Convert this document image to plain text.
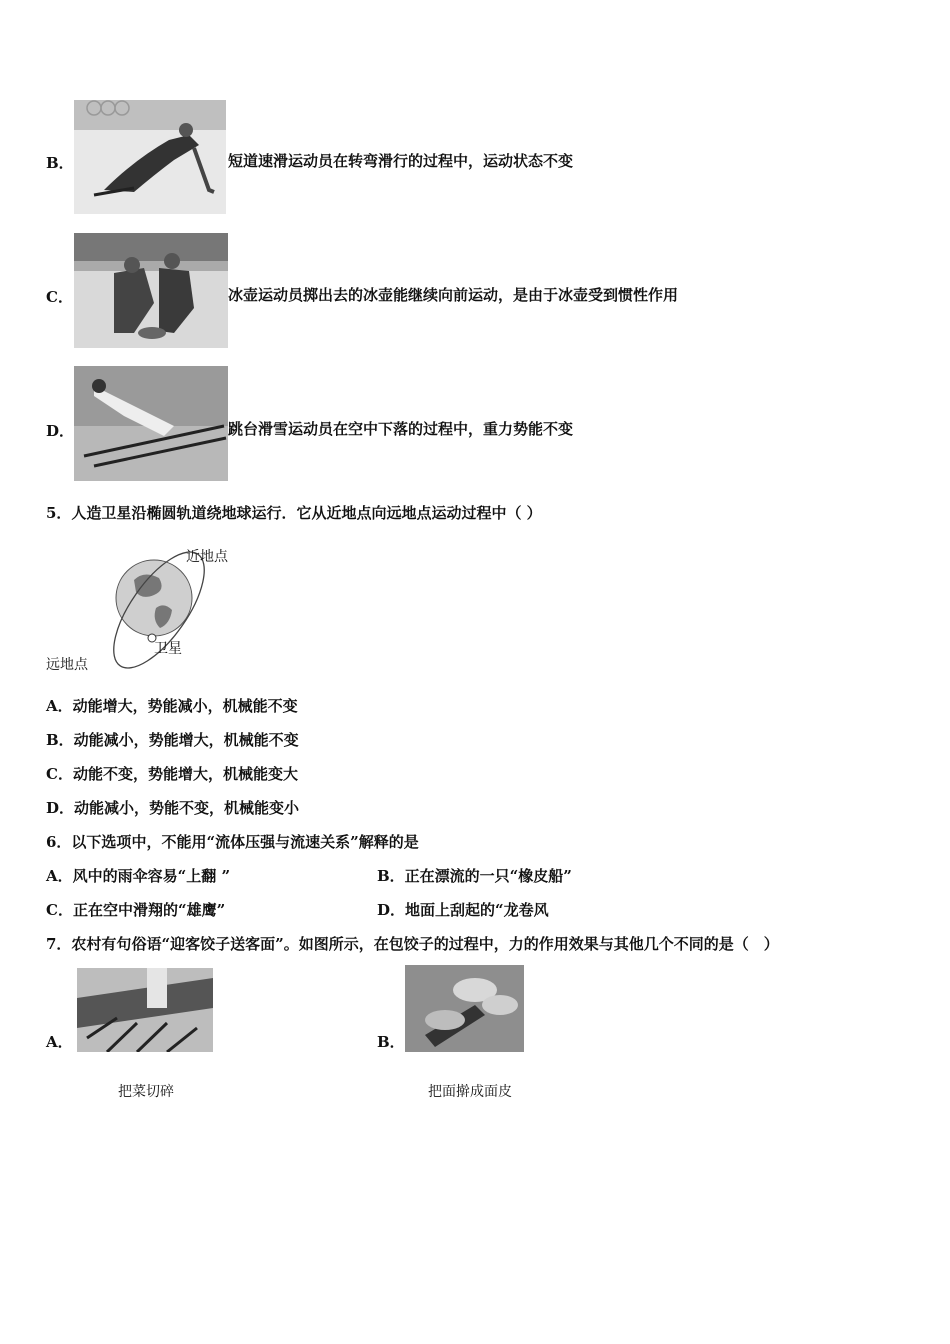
B．	短道速滑运动员在转弯滑行的过程中，运动状态不变
C．	冰壶运动员掷出去的冰壶能继续向前运动，是由于冰壶受到惯性作用
D．	跳台滑雪运动员在空中下落的过程中，重力势能不变
5．人造卫星沿椭圆轨道绕地球运行．它从近地点向远地点运动过程中（ ）
近地点
卫星
远地点
A．动能增大，势能减小，机械能不变
B．动能减小，势能增大，机械能不变
C．动能不变，势能增大，机械能变大
D．动能减小，势能不变，机械能变小
6．以下选项中，不能用“流体压强与流速关系”解释的是
A．风中的雨伞容易“上翻 ”	B．正在漂流的一只“橡皮船”
C．正在空中滑翔的“雄鹰”	D．地面上刮起的“龙卷风
7．农村有句俗语“迎客饺子送客面”。如图所示，在包饺子的过程中，力的作用效果与其他几个不同的是（　）
A．
把菜切碎
B．
把面擀成面皮
